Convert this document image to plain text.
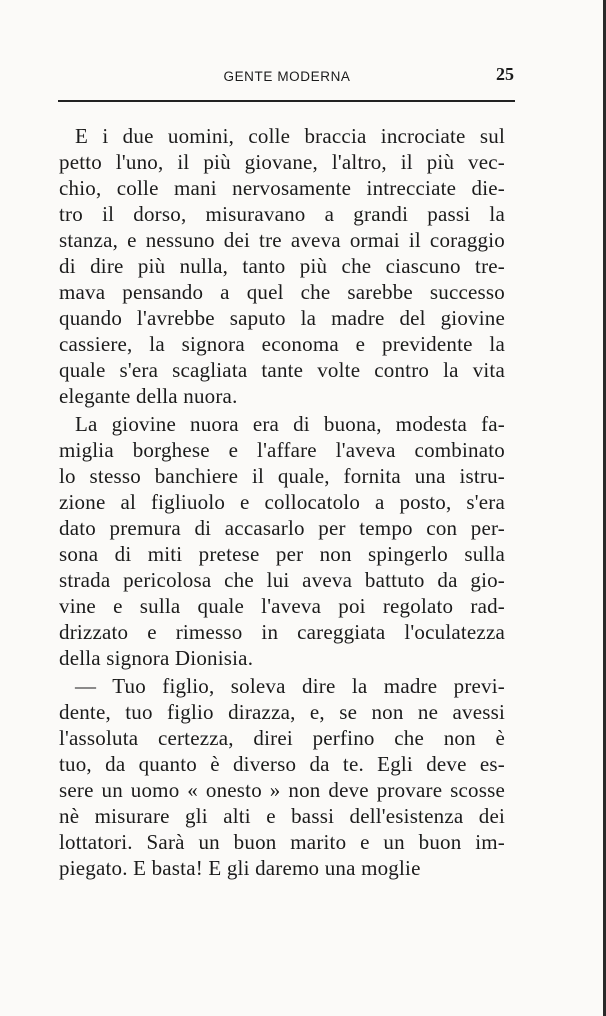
GENTE MODERNA	25
E i due uomini, colle braccia incrociate sul
petto l'uno, il più giovane, l'altro, il più vec-
chio, colle mani nervosamente intrecciate die-
tro il dorso, misuravano a grandi passi la
stanza, e nessuno dei tre aveva ormai il coraggio
di dire più nulla, tanto più che ciascuno tre-
mava pensando a quel che sarebbe successo
quando l'avrebbe saputo la madre del giovine
cassiere, la signora economa e previdente la
quale s'era scagliata tante volte contro la vita
elegante della nuora.
La giovine nuora era di buona, modesta fa-
miglia borghese e l'affare l'aveva combinato
lo stesso banchiere il quale, fornita una istru-
zione al figliuolo e collocatolo a posto, s'era
dato premura di accasarlo per tempo con per-
sona di miti pretese per non spingerlo sulla
strada pericolosa che lui aveva battuto da gio-
vine e sulla quale l'aveva poi regolato rad-
drizzato e rimesso in careggiata l'oculatezza
della signora Dionisia.
— Tuo figlio, soleva dire la madre previ-
dente, tuo figlio dirazza, e, se non ne avessi
l'assoluta certezza, direi perfino che non è
tuo, da quanto è diverso da te. Egli deve es-
sere un uomo « onesto » non deve provare scosse
nè misurare gli alti e bassi dell'esistenza dei
lottatori. Sarà un buon marito e un buon im-
piegato. E basta! E gli daremo una moglie
